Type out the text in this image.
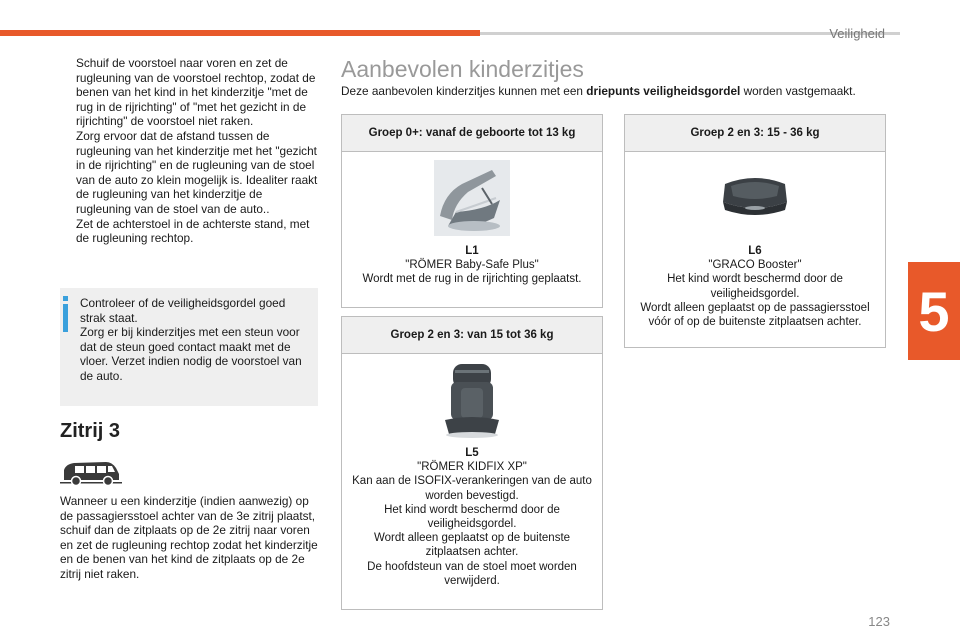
Veiligheid
5
123
Schuif de voorstoel naar voren en zet de rugleuning van de voorstoel rechtop, zodat de benen van het kind in het kinderzitje "met de rug in de rijrichting" of "met het gezicht in de rijrichting" de voorstoel niet raken.
Zorg ervoor dat de afstand tussen de rugleuning van het kinderzitje met het "gezicht in de rijrichting" en de rugleuning van de stoel van de auto zo klein mogelijk is. Idealiter raakt de rugleuning van het kinderzitje de rugleuning van de stoel van de auto..
Zet de achterstoel in de achterste stand, met de rugleuning rechtop.
Controleer of de veiligheidsgordel goed strak staat.
Zorg er bij kinderzitjes met een steun voor dat de steun goed contact maakt met de vloer. Verzet indien nodig de voorstoel van de auto.
Zitrij 3
Wanneer u een kinderzitje (indien aanwezig) op de passagiersstoel achter van de 3e zitrij plaatst, schuif dan de zitplaats op de 2e zitrij naar voren en zet de rugleuning rechtop zodat het kinderzitje en de benen van het kind de zitplaats op de 2e zitrij niet raken.
Aanbevolen kinderzitjes
Deze aanbevolen kinderzitjes kunnen met een driepunts veiligheidsgordel worden vastgemaakt.
Groep 0+: vanaf de geboorte tot 13 kg
L1
"RÖMER Baby-Safe Plus"
Wordt met de rug in de rijrichting geplaatst.
Groep 2 en 3: van 15 tot 36 kg
L5
"RÖMER KIDFIX XP"
Kan aan de ISOFIX-verankeringen van de auto worden bevestigd.
Het kind wordt beschermd door de veiligheidsgordel.
Wordt alleen geplaatst op de buitenste zitplaatsen achter.
De hoofdsteun van de stoel moet worden verwijderd.
Groep 2 en 3: 15 - 36 kg
L6
"GRACO Booster"
Het kind wordt beschermd door de veiligheidsgordel.
Wordt alleen geplaatst op de passagiersstoel vóór of op de buitenste zitplaatsen achter.
